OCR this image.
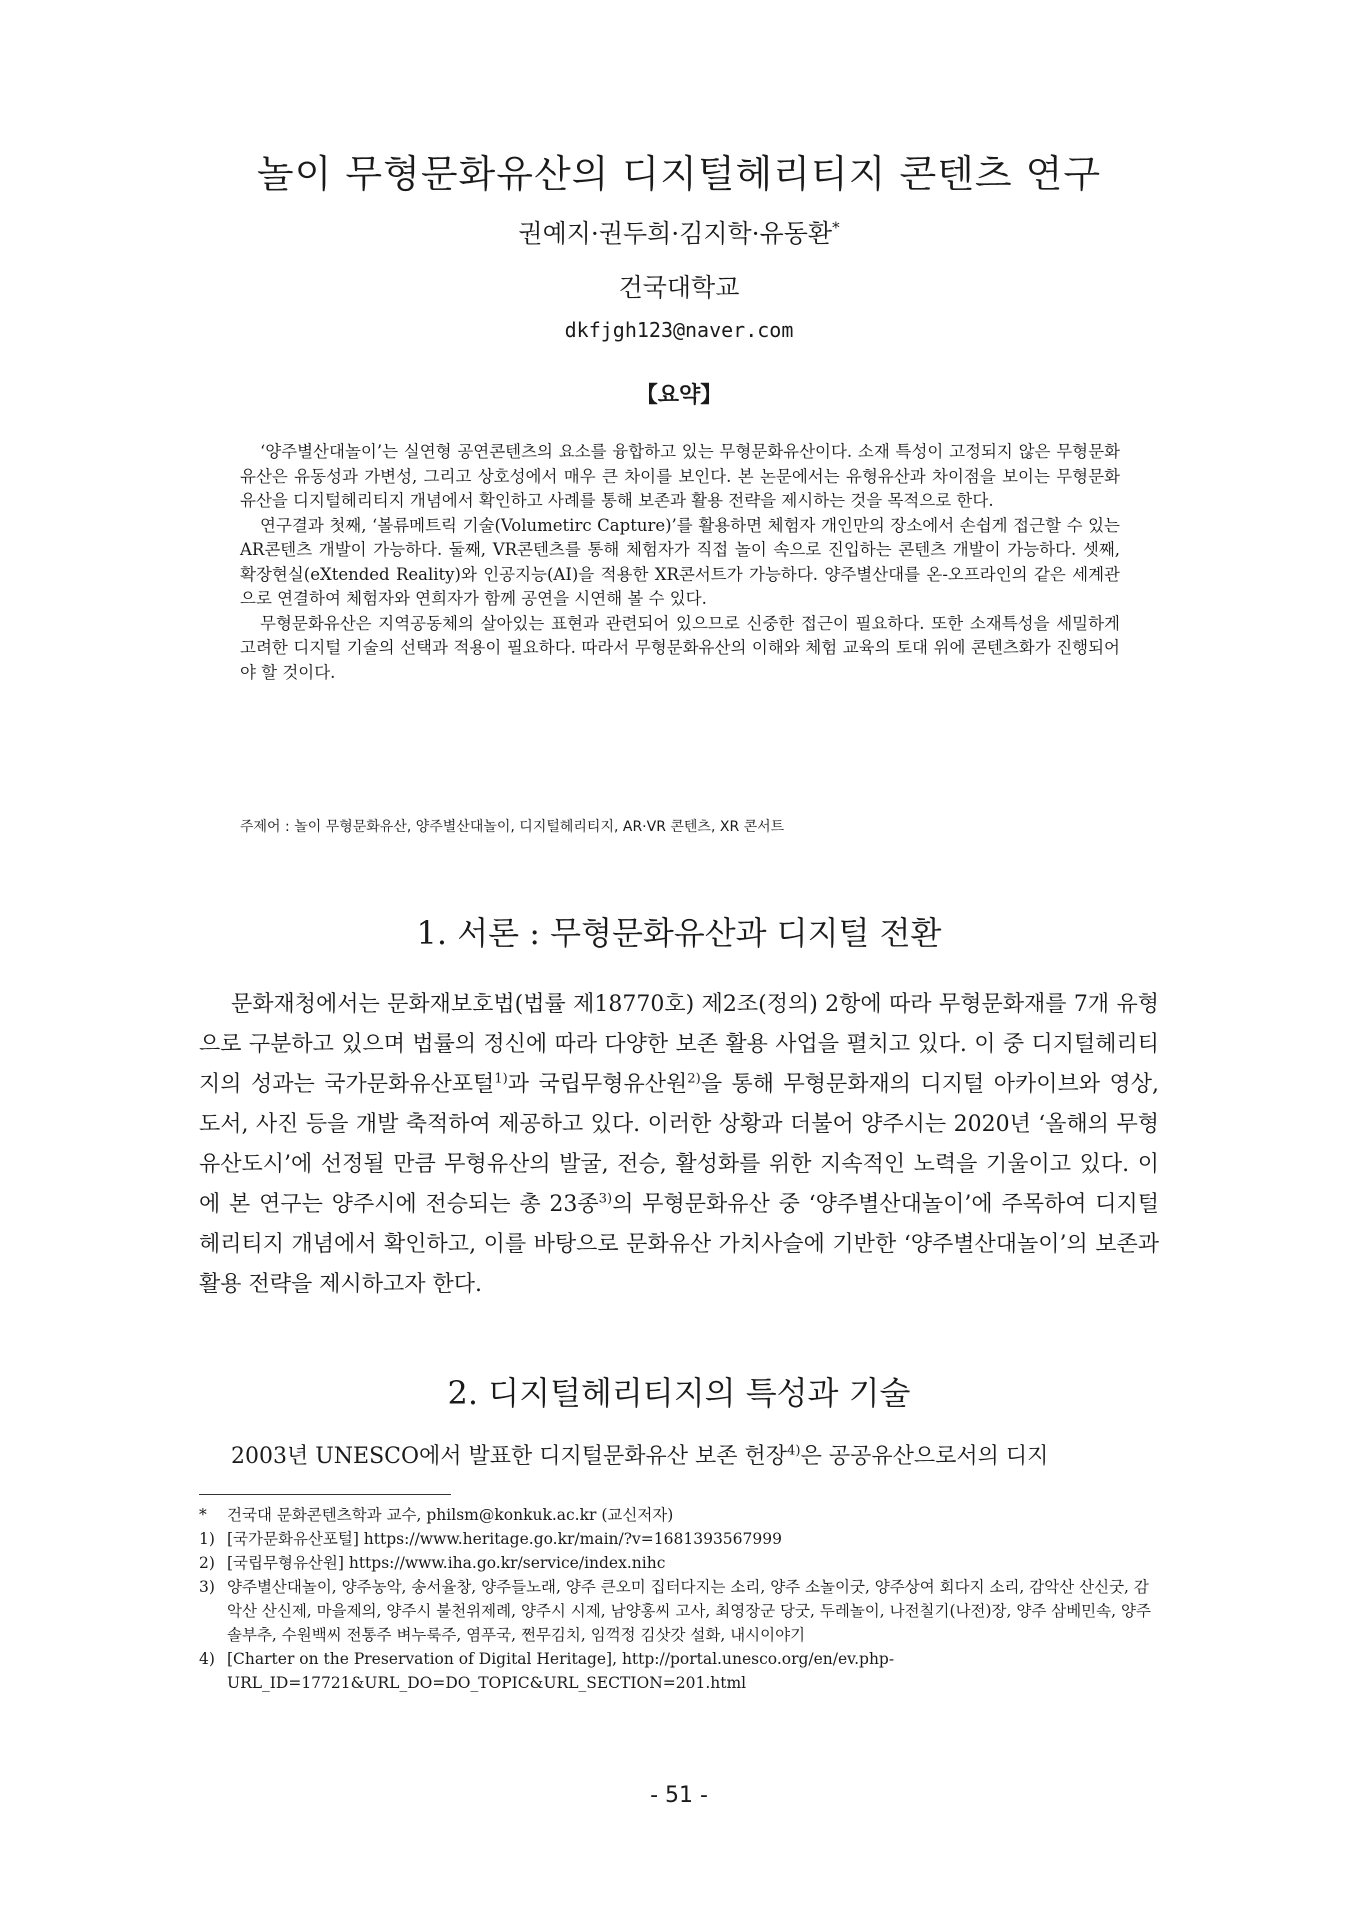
놀이 무형문화유산의 디지털헤리티지 콘텐츠 연구
권예지·권두희·김지학·유동환*
건국대학교
dkfjgh123@naver.com
【요약】

‘양주별산대놀이’는 실연형 공연콘텐츠의 요소를 융합하고 있는 무형문화유산이다. 소재 특성이 고정되지 않은 무형문화유산은 유동성과 가변성, 그리고 상호성에서 매우 큰 차이를 보인다. 본 논문에서는 유형유산과 차이점을 보이는 무형문화유산을 디지털헤리티지 개념에서 확인하고 사례를 통해 보존과 활용 전략을 제시하는 것을 목적으로 한다.

연구결과 첫째, ‘볼류메트릭 기술(Volumetirc Capture)’를 활용하면 체험자 개인만의 장소에서 손쉽게 접근할 수 있는 AR콘텐츠 개발이 가능하다. 둘째, VR콘텐츠를 통해 체험자가 직접 놀이 속으로 진입하는 콘텐츠 개발이 가능하다. 셋째, 확장현실(eXtended Reality)와 인공지능(AI)을 적용한 XR콘서트가 가능하다. 양주별산대를 온-오프라인의 같은 세계관으로 연결하여 체험자와 연희자가 함께 공연을 시연해 볼 수 있다.

무형문화유산은 지역공동체의 살아있는 표현과 관련되어 있으므로 신중한 접근이 필요하다. 또한 소재특성을 세밀하게 고려한 디지털 기술의 선택과 적용이 필요하다. 따라서 무형문화유산의 이해와 체험 교육의 토대 위에 콘텐츠화가 진행되어야 할 것이다.

주제어 : 놀이 무형문화유산, 양주별산대놀이, 디지털헤리티지, AR·VR 콘텐츠, XR 콘서트
1. 서론 : 무형문화유산과 디지털 전환

문화재청에서는 문화재보호법(법률 제18770호) 제2조(정의) 2항에 따라 무형문화재를 7개 유형으로 구분하고 있으며 법률의 정신에 따라 다양한 보존 활용 사업을 펼치고 있다. 이 중 디지털헤리티지의 성과는 국가문화유산포털$^{1)}$과 국립무형유산원$^{2)}$을 통해 무형문화재의 디지털 아카이브와 영상, 도서, 사진 등을 개발 축적하여 제공하고 있다. 이러한 상황과 더불어 양주시는 2020년 ‘올해의 무형유산도시’에 선정될 만큼 무형유산의 발굴, 전승, 활성화를 위한 지속적인 노력을 기울이고 있다. 이에 본 연구는 양주시에 전승되는 총 23종$^{3)}$의 무형문화유산 중 ‘양주별산대놀이’에 주목하여 디지털헤리티지 개념에서 확인하고, 이를 바탕으로 문화유산 가치사슬에 기반한 ‘양주별산대놀이’의 보존과 활용 전략을 제시하고자 한다.

2. 디지털헤리티지의 특성과 기술

2003년 UNESCO에서 발표한 디지털문화유산 보존 헌장$^{4)}$은 공공유산으로서의 디지

*	건국대 문화콘텐츠학과 교수, philsm@konkuk.ac.kr (교신저자)
1) [국가문화유산포털] https://www.heritage.go.kr/main/?v=1681393567999
2) [국립무형유산원] https://www.iha.go.kr/service/index.nihc
3) 양주별산대놀이, 양주농악, 송서율창, 양주들노래, 양주 큰오미 집터다지는 소리, 양주 소놀이굿, 양주상여 회다지 소리, 감악산 산신굿, 감악산 산신제, 마을제의, 양주시 불천위제례, 양주시 시제, 남양홍씨 고사, 최영장군 당굿, 두레놀이, 나전칠기(나전)장, 양주 삼베민속, 양주 솔부추, 수원백씨 전통주 벼누룩주, 염푸국, 쩐무김치, 임꺽정 김삿갓 설화, 내시이야기
4) [Charter on the Preservation of Digital Heritage], http://portal.unesco.org/en/ev.php-URL_ID=17721&URL_DO=DO_TOPIC&URL_SECTION=201.html
- 51 -
